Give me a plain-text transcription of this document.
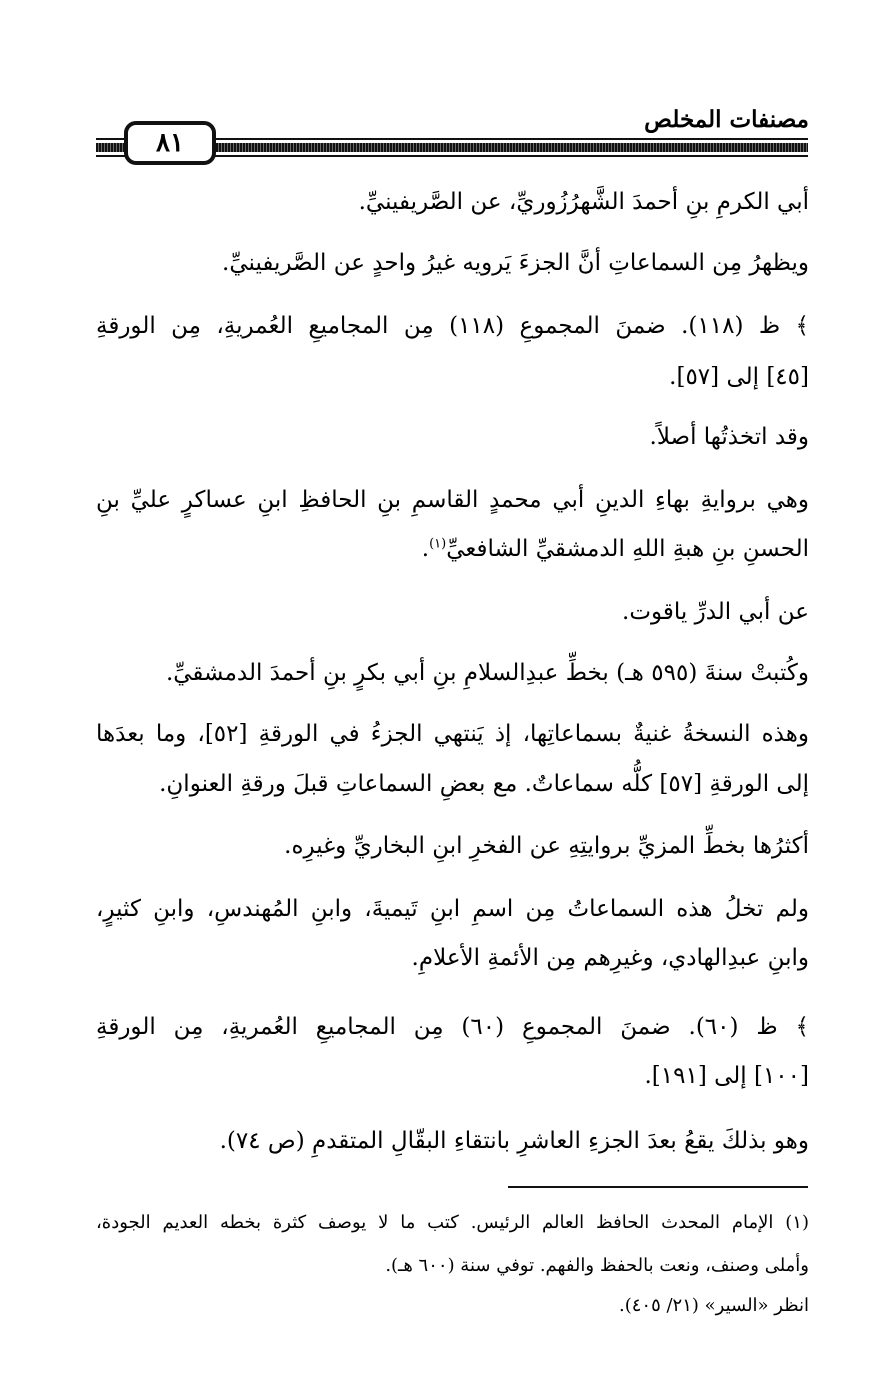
مصنفات المخلص
٨١
أبي الكرمِ بنِ أحمدَ الشَّهرُزُوريِّ، عن الصَّريفينيِّ.
ويظهرُ مِن السماعاتِ أنَّ الجزءَ يَرويه غيرُ واحدٍ عن الصَّريفينيِّ.
﴾ ظ (١١٨). ضمنَ المجموعِ (١١٨) مِن المجاميعِ العُمريةِ، مِن الورقةِ
[٤٥] إلى [٥٧].
وقد اتخذتُها أصلاً.
وهي بروايةِ بهاءِ الدينِ أبي محمدٍ القاسمِ بنِ الحافظِ ابنِ عساكرٍ عليِّ بنِ
الحسنِ بنِ هبةِ اللهِ الدمشقيِّ الشافعيِّ$^{(١)}$.
عن أبي الدرِّ ياقوت.
وكُتبتْ سنةَ (٥٩٥ هـ) بخطِّ عبدِالسلامِ بنِ أبي بكرٍ بنِ أحمدَ الدمشقيِّ.
وهذه النسخةُ غنيةٌ بسماعاتِها، إذ يَنتهي الجزءُ في الورقةِ [٥٢]، وما بعدَها
إلى الورقةِ [٥٧] كلُّه سماعاتٌ. مع بعضِ السماعاتِ قبلَ ورقةِ العنوانِ.
أكثرُها بخطِّ المزيِّ بروايتِهِ عن الفخرِ ابنِ البخاريِّ وغيرِه.
ولم تخلُ هذه السماعاتُ مِن اسمِ ابنِ تَيميةَ، وابنِ المُهندسِ، وابنِ كثيرٍ،
وابنِ عبدِالهادي، وغيرِهم مِن الأئمةِ الأعلامِ.
﴾ ظ (٦٠). ضمنَ المجموعِ (٦٠) مِن المجاميعِ العُمريةِ، مِن الورقةِ
[١٠٠] إلى [١٩١].
وهو بذلكَ يقعُ بعدَ الجزءِ العاشرِ بانتقاءِ البقّالِ المتقدمِ (ص ٧٤).
(١) الإمام المحدث الحافظ العالم الرئيس. كتب ما لا يوصف كثرة بخطه العديم الجودة،
وأملى وصنف، ونعت بالحفظ والفهم. توفي سنة (٦٠٠ هـ).
انظر «السير» (٢١/ ٤٠٥).
